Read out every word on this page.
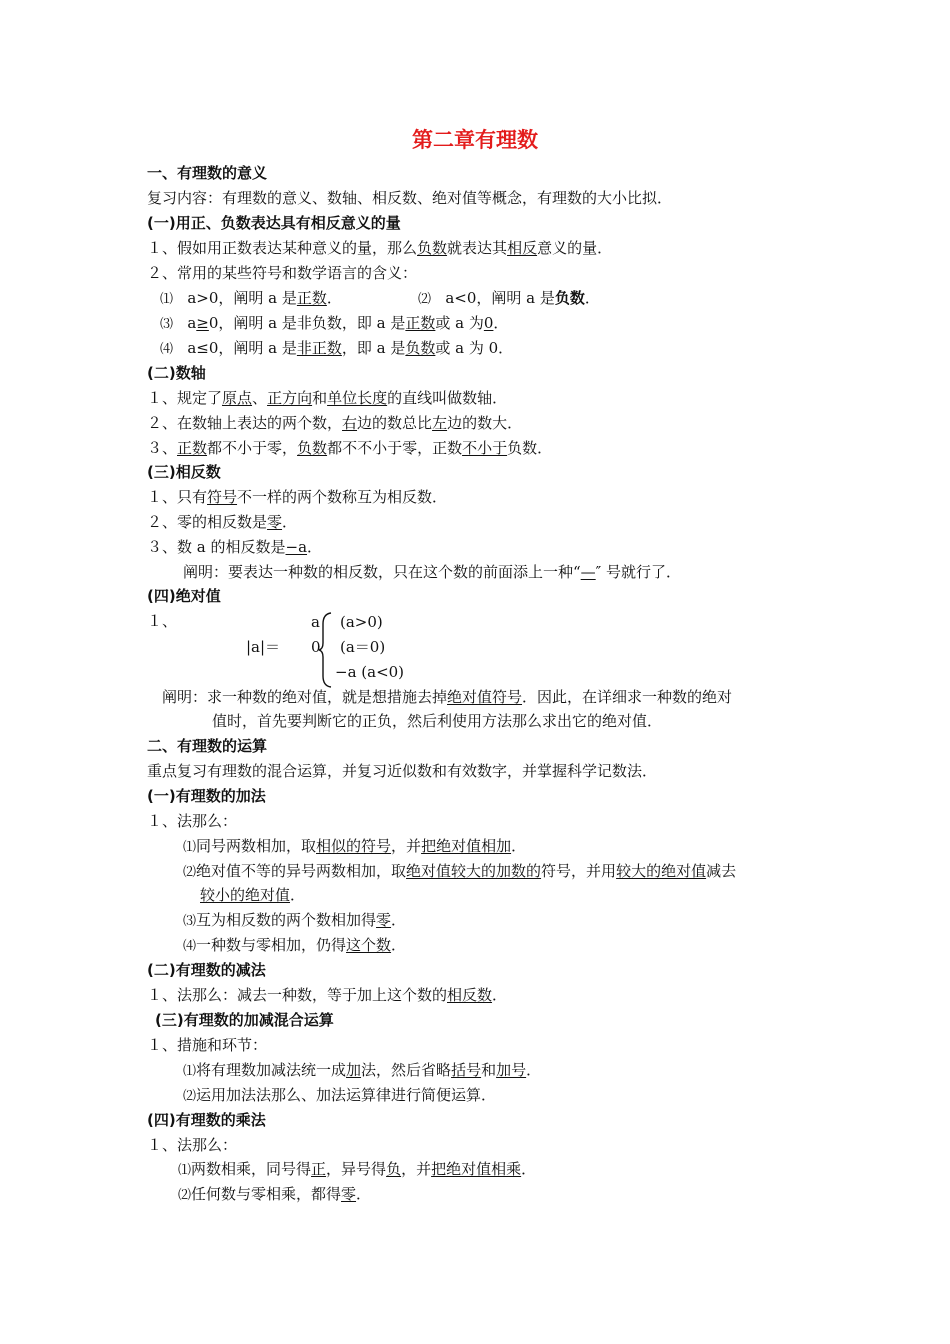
第二章有理数
一、有理数的意义
复习内容：有理数的意义、数轴、相反数、绝对值等概念，有理数的大小比拟．
(一)用正、负数表达具有相反意义的量
１、假如用正数表达某种意义的量，那么负数就表达其相反意义的量．
２、常用的某些符号和数学语言的含义：
⑴ a>0，阐明 a 是正数．	⑵ a<0，阐明 a 是负数．
⑶ a≥0，阐明 a 是非负数，即 a 是正数或 a 为0．
⑷ a≤0，阐明 a 是非正数，即 a 是负数或 a 为 0．
(二)数轴
１、规定了原点、正方向和单位长度的直线叫做数轴．
２、在数轴上表达的两个数，右边的数总比左边的数大．
３、正数都不小于零，负数都不不小于零，正数不小于负数．
(三)相反数
１、只有符号不一样的两个数称互为相反数．
２、零的相反数是零．
３、数 a 的相反数是−a．
阐明：要表达一种数的相反数，只在这个数的前面添上一种“—″ 号就行了．
(四)绝对值
１、
|a|＝
a
0
(a>0)
(a＝0)
−a (a<0)
阐明：求一种数的绝对值，就是想措施去掉绝对值符号．因此，在详细求一种数的绝对
值时，首先要判断它的正负，然后利使用方法那么求出它的绝对值．
二、有理数的运算
重点复习有理数的混合运算，并复习近似数和有效数字，并掌握科学记数法．
(一)有理数的加法
１、法那么：
⑴同号两数相加，取相似的符号，并把绝对值相加．
⑵绝对值不等的异号两数相加，取绝对值较大的加数的符号，并用较大的绝对值减去
较小的绝对值．
⑶互为相反数的两个数相加得零．
⑷一种数与零相加，仍得这个数．
(二)有理数的减法
１、法那么：减去一种数，等于加上这个数的相反数．
(三)有理数的加减混合运算
１、措施和环节：
⑴将有理数加减法统一成加法，然后省略括号和加号．
⑵运用加法法那么、加法运算律进行简便运算．
(四)有理数的乘法
１、法那么：
⑴两数相乘，同号得正，异号得负，并把绝对值相乘．
⑵任何数与零相乘，都得零．
